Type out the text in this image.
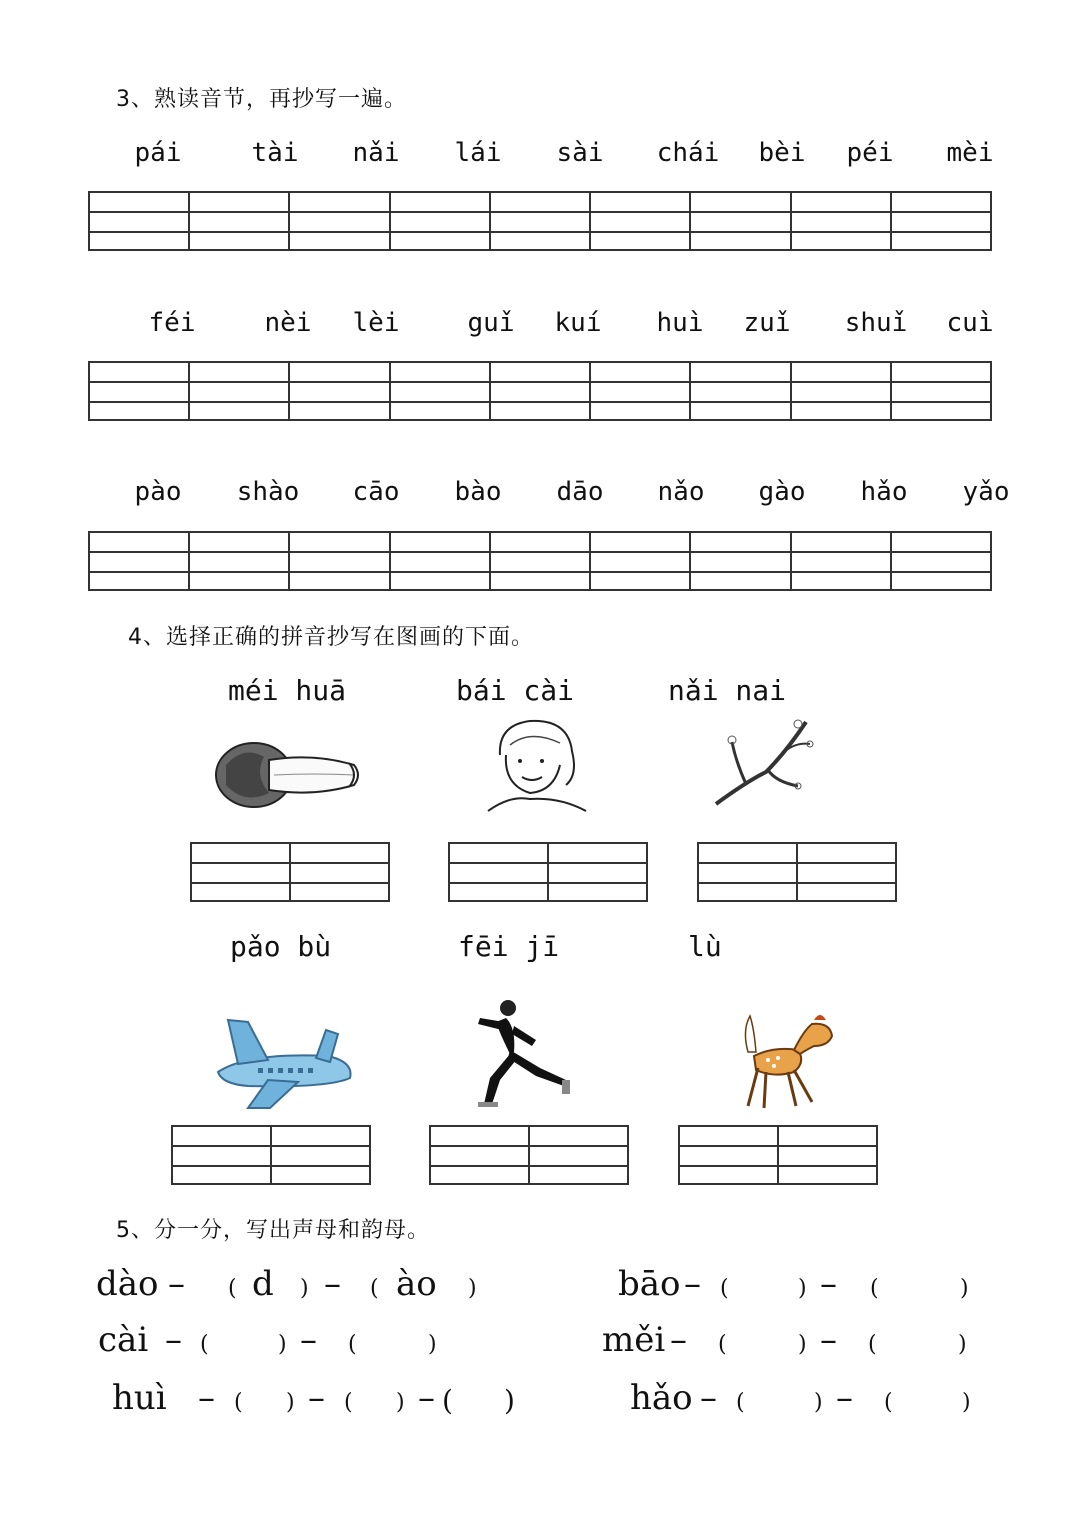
3、熟读音节，再抄写一遍。
pái	tài	nǎi	lái	sài	chái	bèi	péi	mèi
féi	nèi	lèi	guǐ	kuí	huì	zuǐ	shuǐ	cuì
pào	shào	cāo	bào	dāo	nǎo	gào	hǎo	yǎo
4、选择正确的拼音抄写在图画的下面。
méi huā	bái cài	nǎi nai
pǎo bù	fēi jī	lù
5、分一分，写出声母和韵母。
dào – ( d ) – ( ào )
cài – (	) – (	)
huì – ( ) – ( ) – ( )
bāo – (	) – (	)
měi – (	) – (	)
hǎo – (	) – (	)
